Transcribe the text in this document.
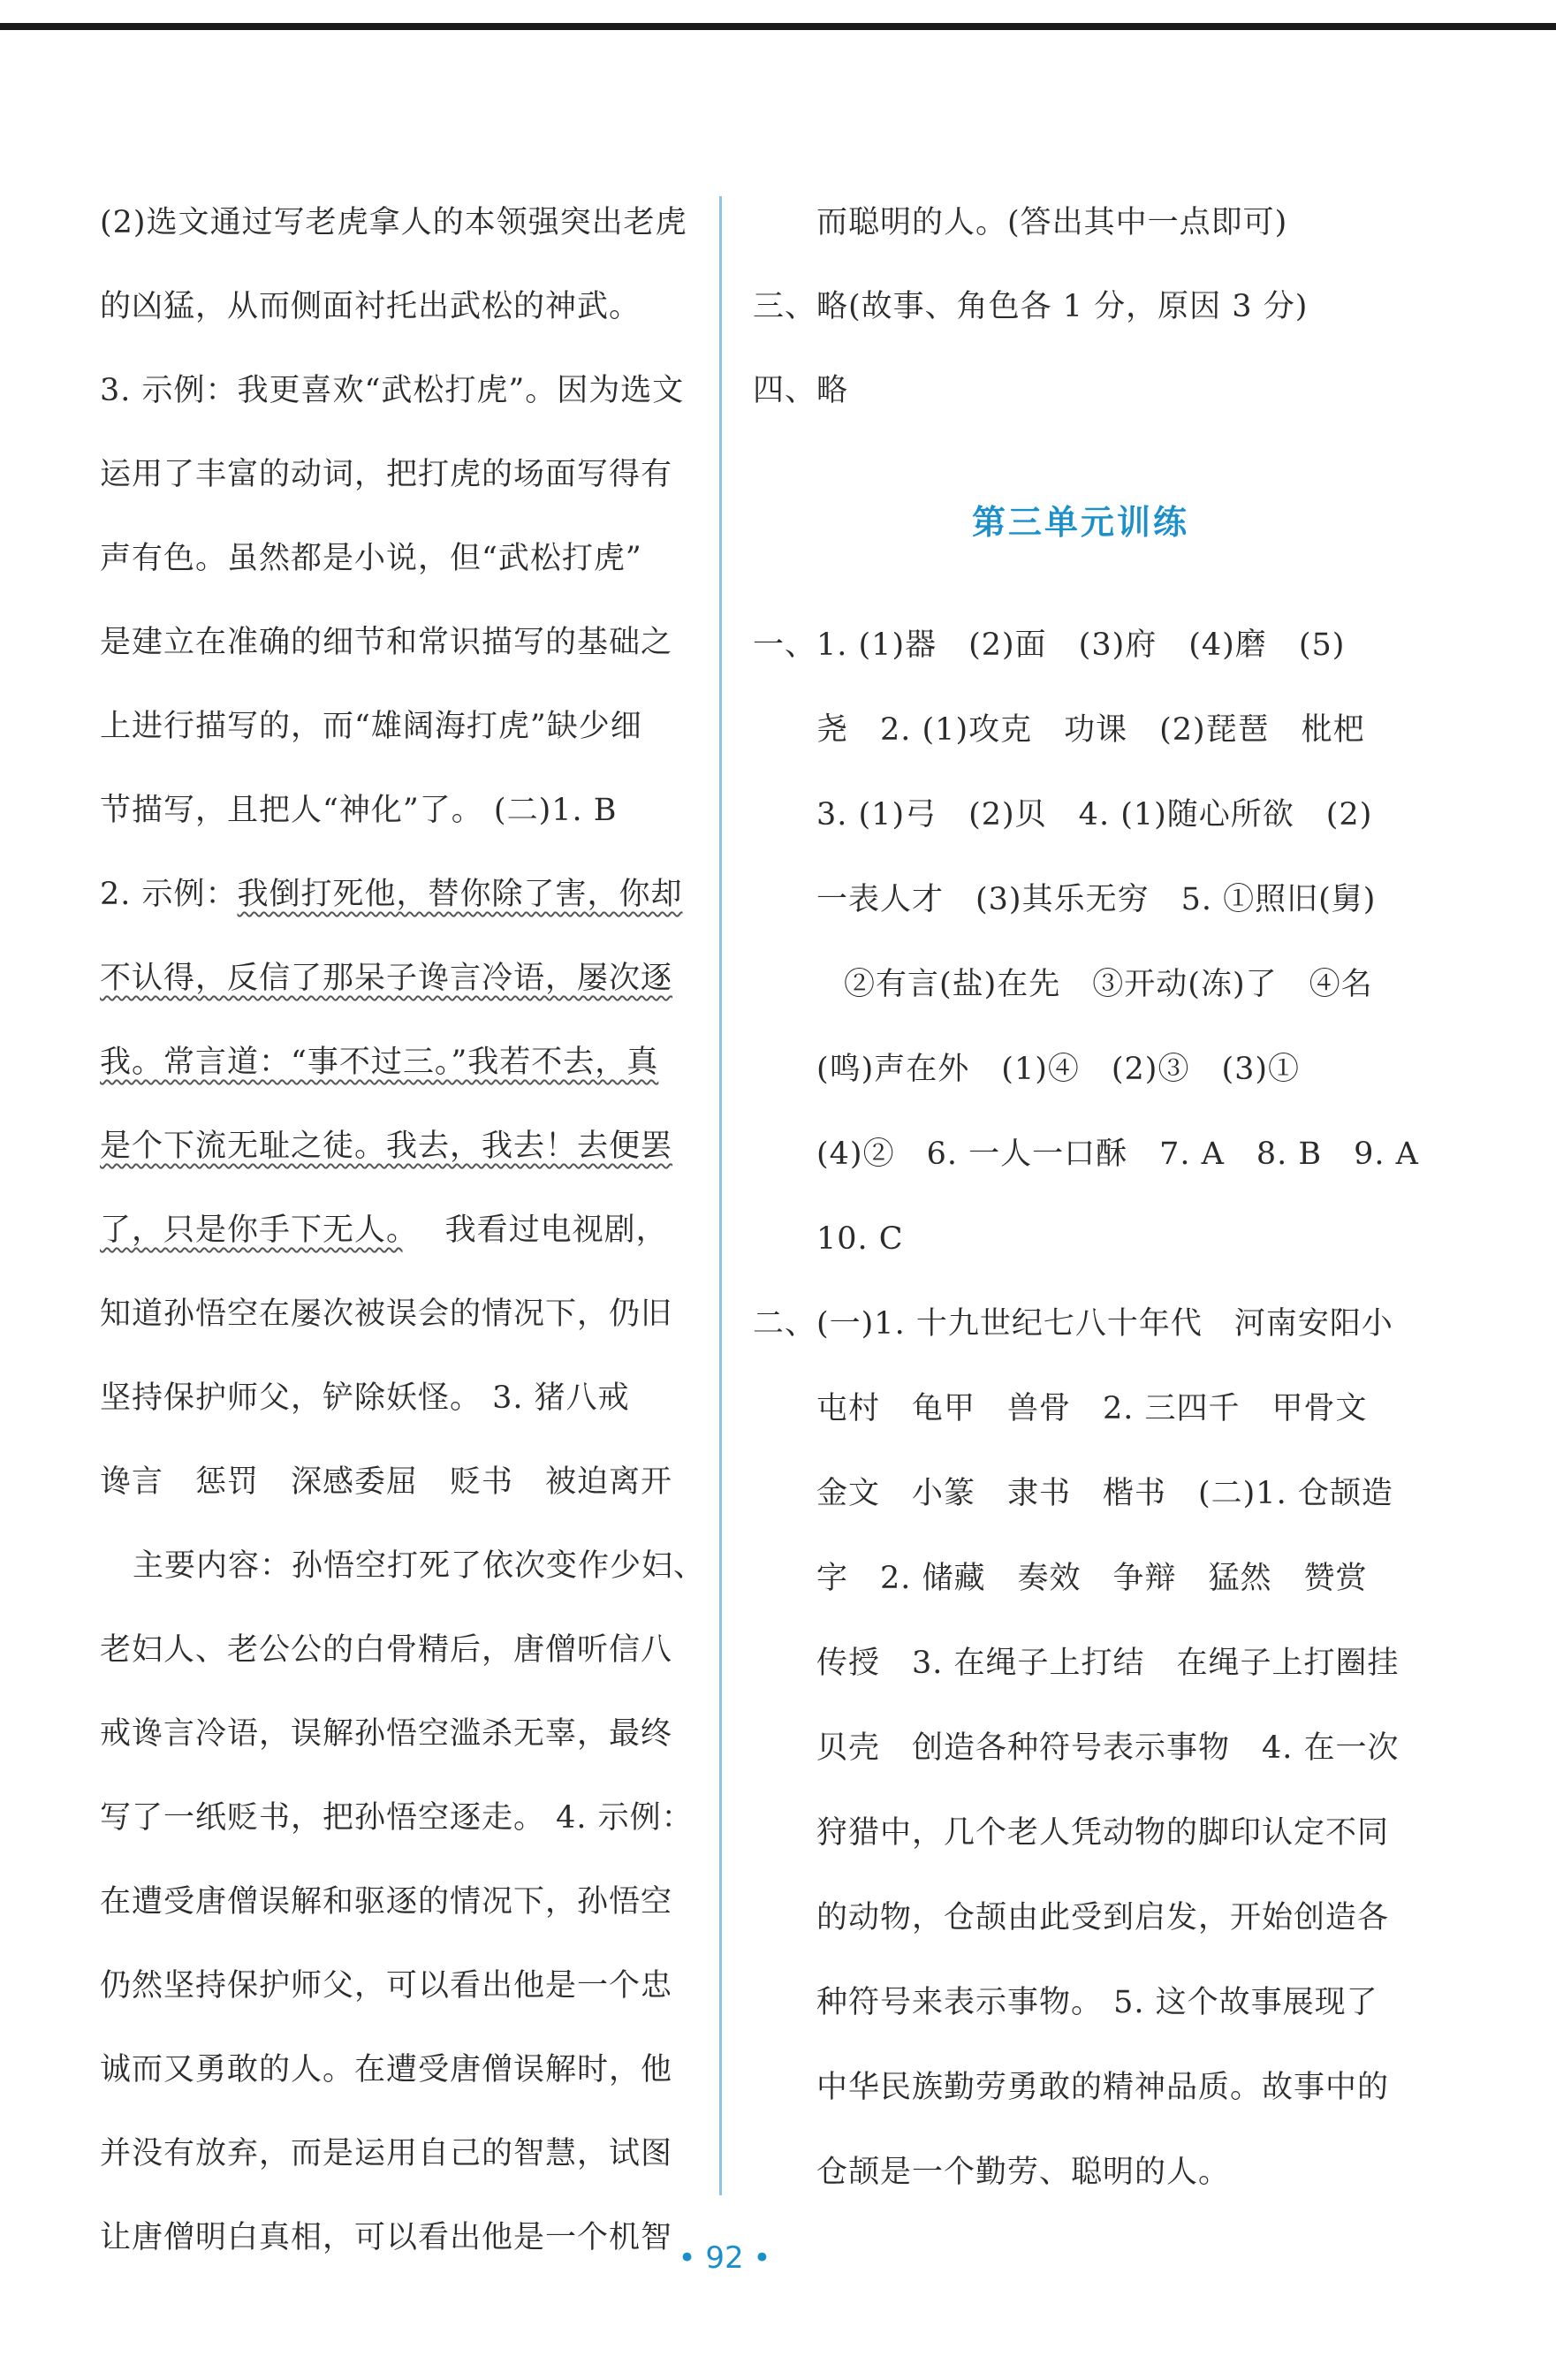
(2)选文通过写老虎拿人的本领强突出老虎
的凶猛，从而侧面衬托出武松的神武。
3. 示例：我更喜欢“武松打虎”。因为选文
运用了丰富的动词，把打虎的场面写得有
声有色。虽然都是小说，但“武松打虎”
是建立在准确的细节和常识描写的基础之
上进行描写的，而“雄阔海打虎”缺少细
节描写，且把人“神化”了。 (二)1. B
2. 示例：我倒打死他，替你除了害，你却
不认得，反信了那呆子谗言冷语，屡次逐
我。常言道：“事不过三。”我若不去，真
是个下流无耻之徒。我去，我去！去便罢
了，只是你手下无人。　 我看过电视剧，
知道孙悟空在屡次被误会的情况下，仍旧
坚持保护师父，铲除妖怪。 3. 猪八戒
谗言　惩罚　深感委屈　贬书　被迫离开
主要内容：孙悟空打死了依次变作少妇、
老妇人、老公公的白骨精后，唐僧听信八
戒谗言冷语，误解孙悟空滥杀无辜，最终
写了一纸贬书，把孙悟空逐走。 4. 示例：
在遭受唐僧误解和驱逐的情况下，孙悟空
仍然坚持保护师父，可以看出他是一个忠
诚而又勇敢的人。在遭受唐僧误解时，他
并没有放弃，而是运用自己的智慧，试图
让唐僧明白真相，可以看出他是一个机智
而聪明的人。(答出其中一点即可)
三、略(故事、角色各 1 分，原因 3 分)
四、略
第三单元训练
一、1. (1)器　(2)面　(3)府　(4)磨　(5)
尧　2. (1)攻克　功课　(2)琵琶　枇杷
3. (1)弓　(2)贝　4. (1)随心所欲　(2)
一表人才　(3)其乐无穷　5. ①照旧(舅)
②有言(盐)在先　③开动(冻)了　④名
(鸣)声在外　(1)④　(2)③　(3)①
(4)②　6. 一人一口酥　7. A　8. B　9. A
10. C
二、(一)1. 十九世纪七八十年代　河南安阳小
屯村　龟甲　兽骨　2. 三四千　甲骨文
金文　小篆　隶书　楷书　(二)1. 仓颉造
字　2. 储藏　奏效　争辩　猛然　赞赏
传授　3. 在绳子上打结　在绳子上打圈挂
贝壳　创造各种符号表示事物　4. 在一次
狩猎中，几个老人凭动物的脚印认定不同
的动物，仓颉由此受到启发，开始创造各
种符号来表示事物。 5. 这个故事展现了
中华民族勤劳勇敢的精神品质。故事中的
仓颉是一个勤劳、聪明的人。
• 92 •
